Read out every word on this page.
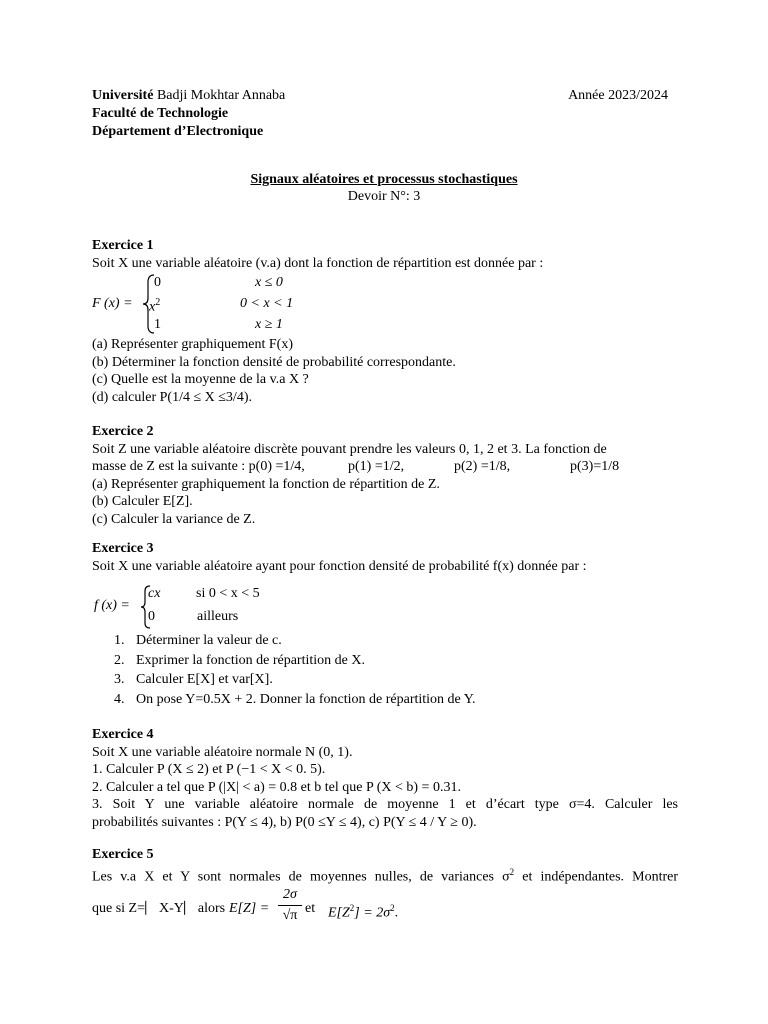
Université Badji Mokhtar Annaba
Faculté de Technologie
Département d’Electronique
Année 2023/2024
Signaux aléatoires et processus stochastiques
Devoir N°: 3
Exercice 1

Soit X une variable aléatoire (v.a) dont la fonction de répartition est donnée par :

F (x) =
0	x ≤ 0
$x^2$	0 < x < 1
1	x ≥ 1

(a) Représenter graphiquement F(x)

(b) Déterminer la fonction densité de probabilité correspondante.

(c) Quelle est la moyenne de la v.a X ?

(d) calculer P(1/4 ≤ X ≤3/4).

Exercice 2

Soit Z une variable aléatoire discrète pouvant prendre les valeurs 0, 1, 2 et 3. La fonction de

masse de Z est la suivante : p(0) =1/4,	p(1) =1/2,	p(2) =1/8,	p(3)=1/8

(a) Représenter graphiquement la fonction de répartition de Z.

(b) Calculer E[Z].

(c) Calculer la variance de Z.

Exercice 3

Soit X une variable aléatoire ayant pour fonction densité de probabilité f(x) donnée par :

f (x) =
cx	si 0 < x < 5
0	ailleurs
1. Déterminer la valeur de c.
2. Exprimer la fonction de répartition de X.
3. Calculer E[X] et var[X].
4. On pose Y=0.5X + 2. Donner la fonction de répartition de Y.
Exercice 4

Soit X une variable aléatoire normale N (0, 1).

1. Calculer P (X ≤ 2) et P (−1 < X < 0. 5).

2. Calculer a tel que P (|X| < a) = 0.8 et b tel que P (X < b) = 0.31.

3. Soit Y une variable aléatoire normale de moyenne 1 et d’écart type σ=4. Calculer les

probabilités suivantes : P(Y ≤ 4), b) P(0 ≤Y ≤ 4), c) P(Y ≤ 4 / Y ≥ 0).

Exercice 5

Les v.a X et Y sont normales de moyennes nulles, de variances $\sigma^2$ et indépendantes. Montrer

que si Z=⎸X-Y⎸alors E[Z] =
2σ
√π et $E[Z^2] = 2\sigma^2$.
